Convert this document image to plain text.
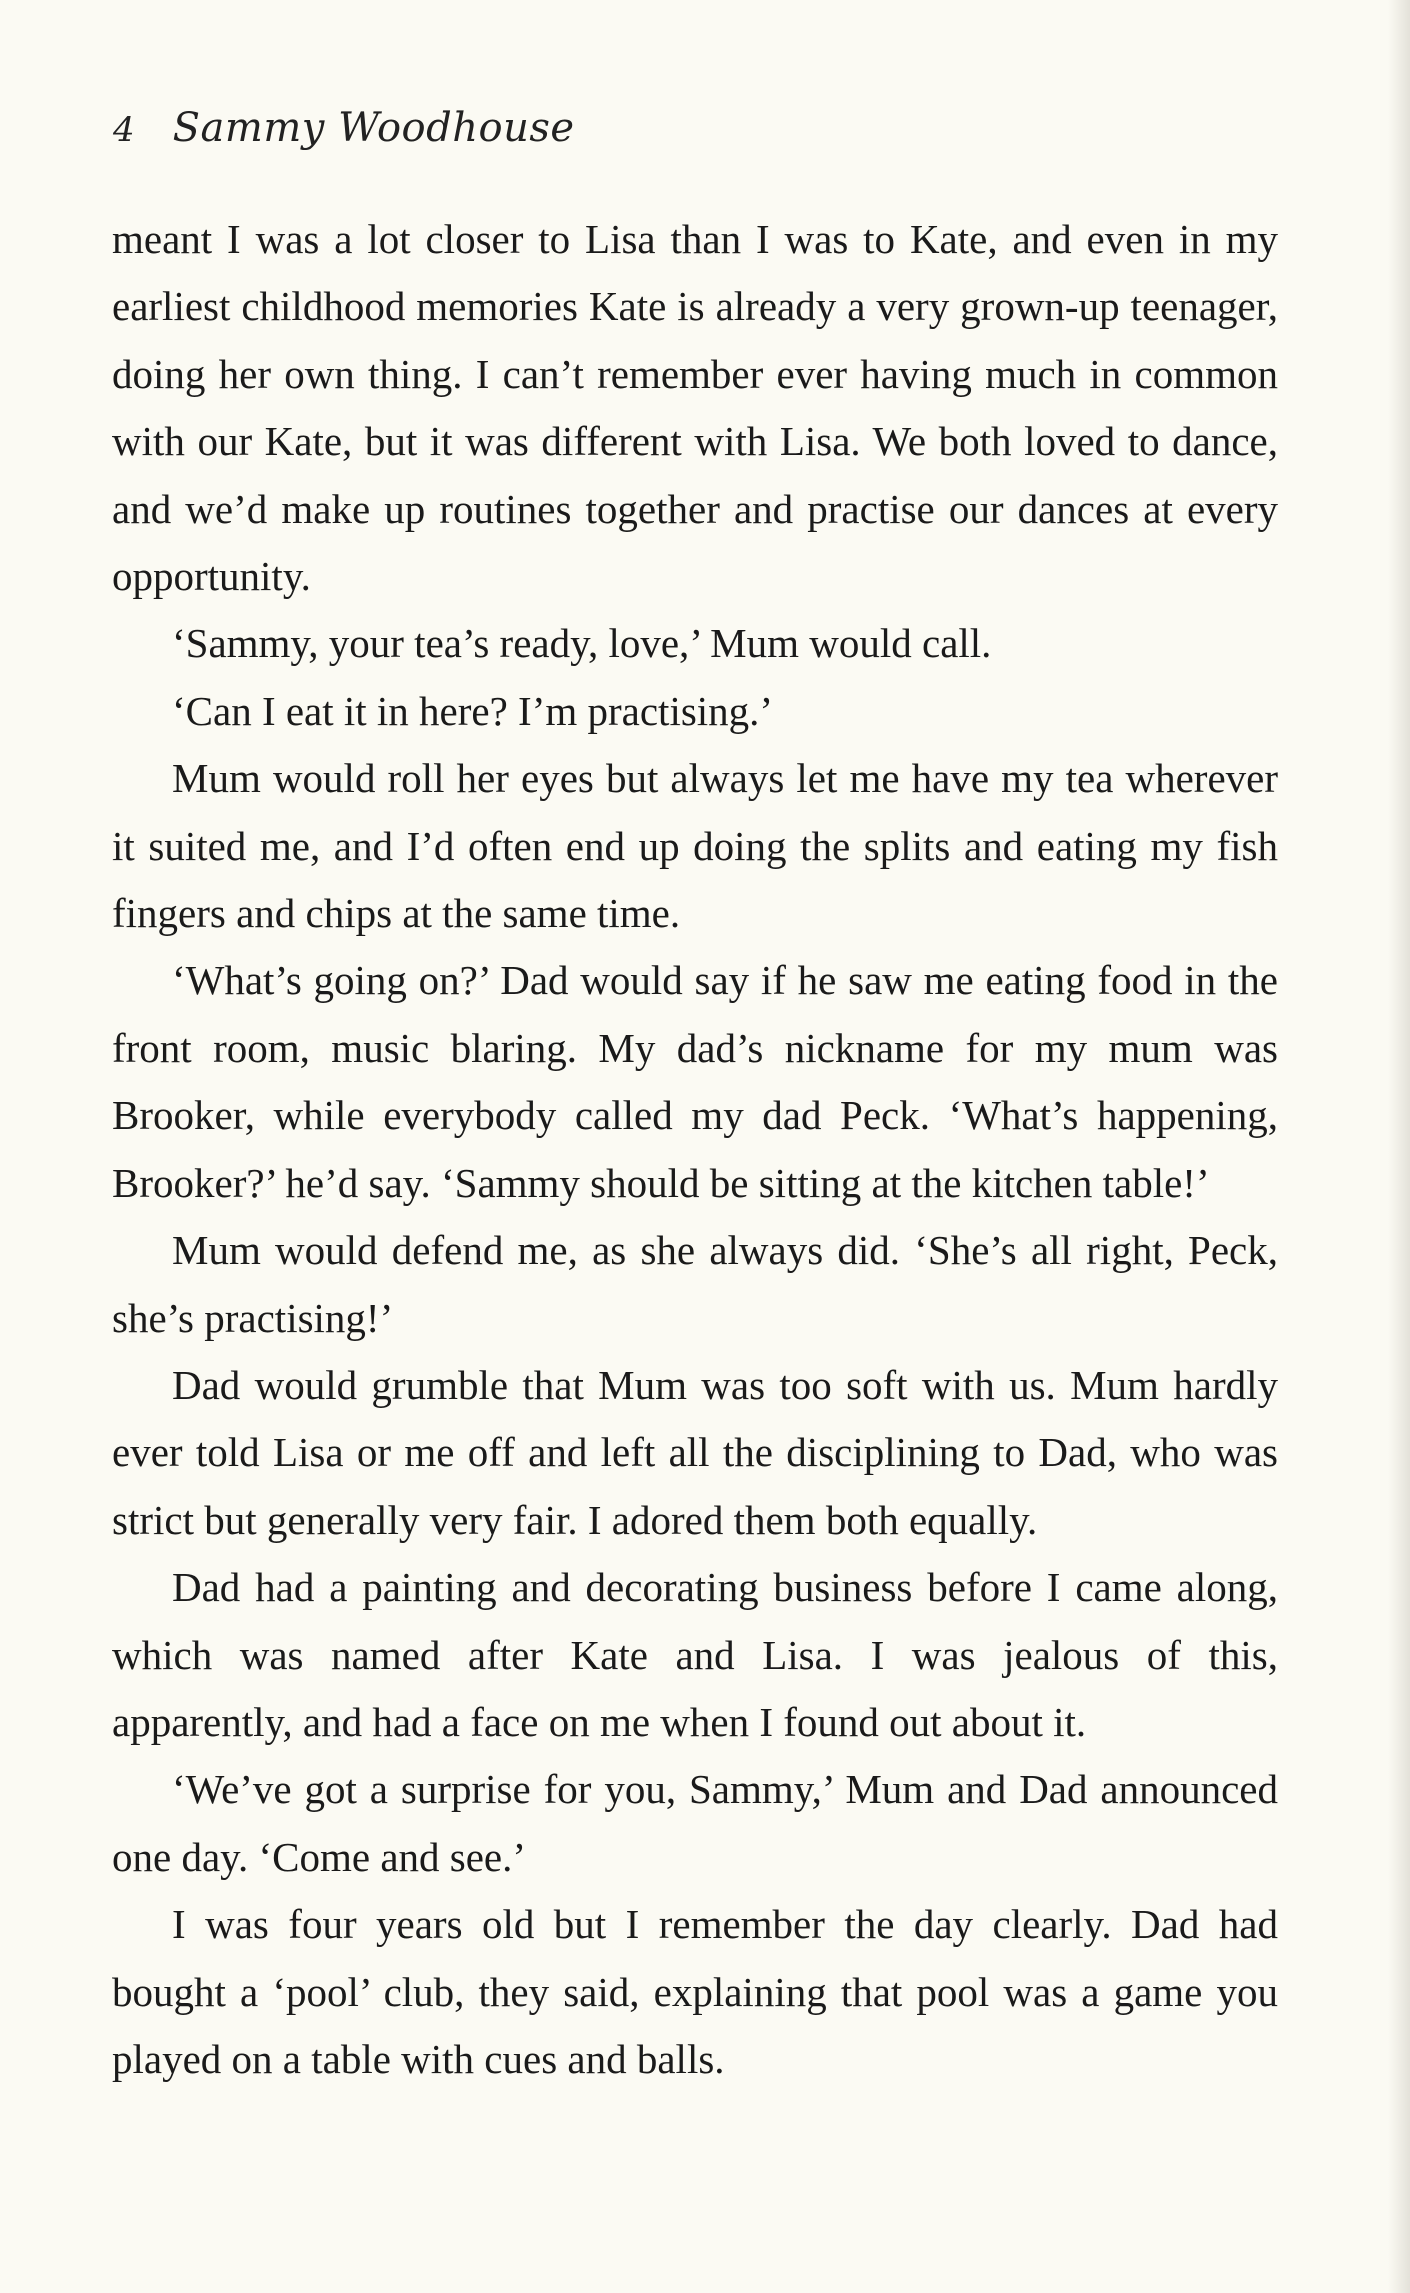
4 Sammy Woodhouse

meant I was a lot closer to Lisa than I was to Kate, and even in my earliest childhood memories Kate is already a very grown-up teenager, doing her own thing. I can’t remember ever having much in common with our Kate, but it was different with Lisa. We both loved to dance, and we’d make up routines together and practise our dances at every opportunity.

‘Sammy, your tea’s ready, love,’ Mum would call.

‘Can I eat it in here? I’m practising.’

Mum would roll her eyes but always let me have my tea wherever it suited me, and I’d often end up doing the splits and eating my fish fingers and chips at the same time.

‘What’s going on?’ Dad would say if he saw me eating food in the front room, music blaring. My dad’s nickname for my mum was Brooker, while everybody called my dad Peck. ‘What’s happening, Brooker?’ he’d say. ‘Sammy should be sitting at the kitchen table!’

Mum would defend me, as she always did. ‘She’s all right, Peck, she’s practising!’

Dad would grumble that Mum was too soft with us. Mum hardly ever told Lisa or me off and left all the disciplining to Dad, who was strict but generally very fair. I adored them both equally.

Dad had a painting and decorating business before I came along, which was named after Kate and Lisa. I was jealous of this, apparently, and had a face on me when I found out about it.

‘We’ve got a surprise for you, Sammy,’ Mum and Dad announced one day. ‘Come and see.’

I was four years old but I remember the day clearly. Dad had bought a ‘pool’ club, they said, explaining that pool was a game you played on a table with cues and balls.
